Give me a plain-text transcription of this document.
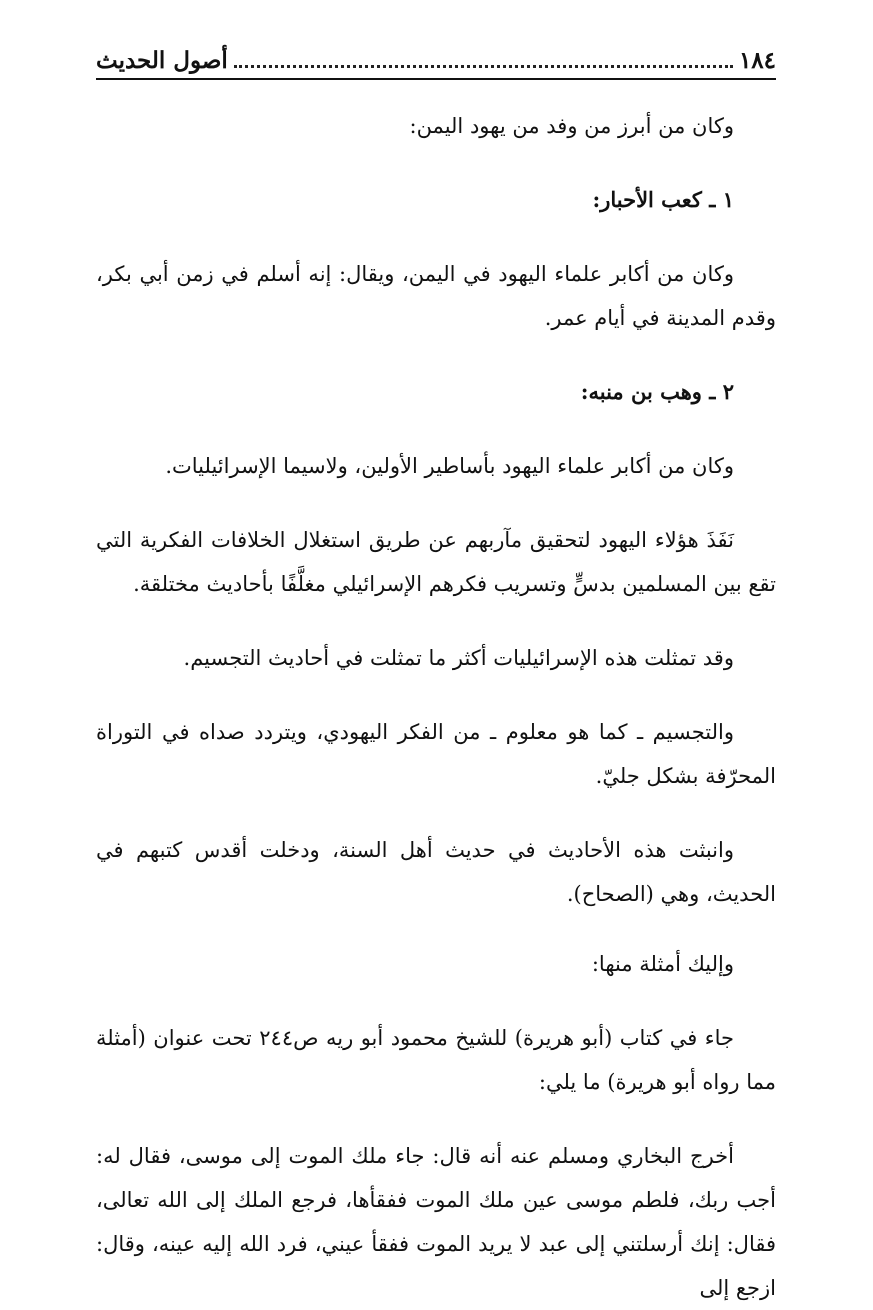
١٨٤
أصول الحديث

وكان من أبرز من وفد من يهود اليمن:

١ ـ كعب الأحبار:

وكان من أكابر علماء اليهود في اليمن، ويقال: إنه أسلم في زمن أبي بكر، وقدم المدينة في أيام عمر.

٢ ـ وهب بن منبه:

وكان من أكابر علماء اليهود بأساطير الأولين، ولاسيما الإسرائيليات.

نَفَذَ هؤلاء اليهود لتحقيق مآربهم عن طريق استغلال الخلافات الفكرية التي تقع بين المسلمين بدسٍّ وتسريب فكرهم الإسرائيلي مغلَّفًا بأحاديث مختلقة.

وقد تمثلت هذه الإسرائيليات أكثر ما تمثلت في أحاديث التجسيم.

والتجسيم ـ كما هو معلوم ـ من الفكر اليهودي، ويتردد صداه في التوراة المحرّفة بشكل جليّ.

وانبثت هذه الأحاديث في حديث أهل السنة، ودخلت أقدس كتبهم في الحديث، وهي (الصحاح).

وإليك أمثلة منها:

جاء في كتاب (أبو هريرة) للشيخ محمود أبو ريه ص٢٤٤ تحت عنوان (أمثلة مما رواه أبو هريرة) ما يلي:

أخرج البخاري ومسلم عنه أنه قال: جاء ملك الموت إلى موسى، فقال له: أجب ربك، فلطم موسى عين ملك الموت ففقأها، فرجع الملك إلى الله تعالى، فقال: إنك أرسلتني إلى عبد لا يريد الموت ففقأ عيني، فرد الله إليه عينه، وقال: ازجع إلى
